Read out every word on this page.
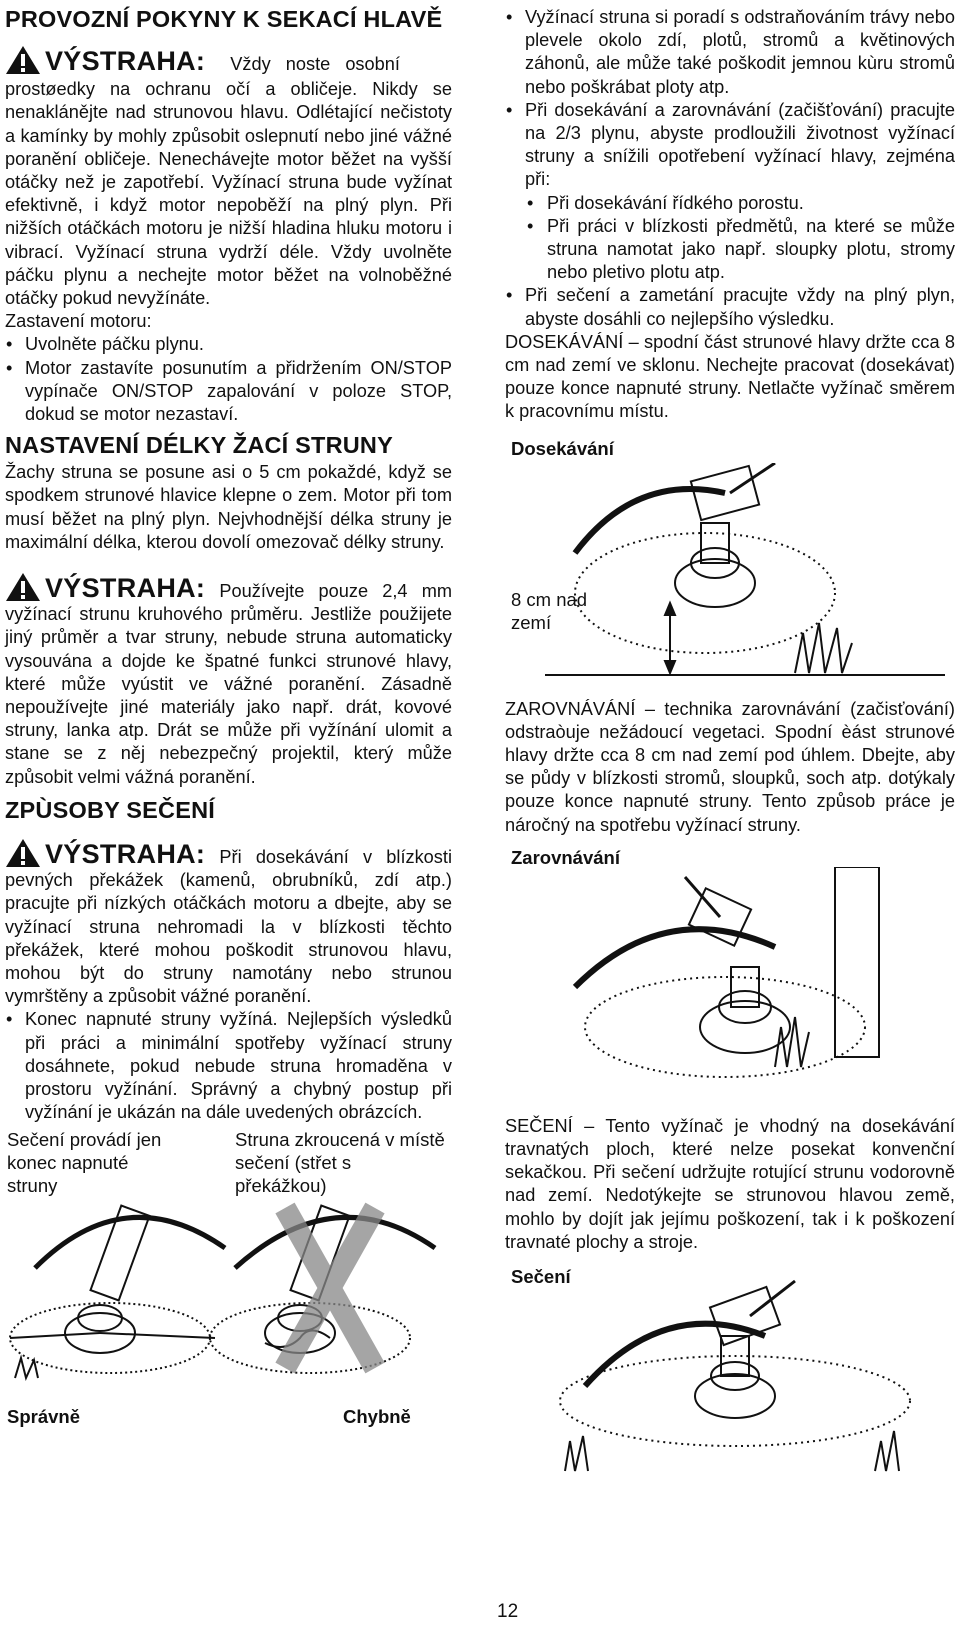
PROVOZNÍ POKYNY K SEKACÍ HLAVĚ

VÝSTRAHA: Vždy noste osobní

prostøedky na ochranu očí a obličeje. Nikdy se nenaklánějte nad strunovou hlavu. Odlétající nečistoty a kamínky by mohly způsobit oslepnutí nebo jiné vážné poranění obličeje. Nenechávejte motor běžet na vyšší otáčky než je zapotřebí. Vyžínací struna bude vyžínat efektivně, i když motor nepoběží na plný plyn. Při nižších otáčkách motoru je nižší hladina hluku motoru i vibrací. Vyžínací struna vydrží déle. Vždy uvolněte páčku plynu a nechejte motor běžet na volnoběžné otáčky pokud nevyžínáte.

Zastavení motoru:

• Uvolněte páčku plynu.
• Motor zastavíte posunutím a přidržením ON/STOP vypínače ON/STOP zapalování v poloze STOP, dokud se motor nezastaví.
NASTAVENÍ DÉLKY ŽACÍ STRUNY

Žachy struna se posune asi o 5 cm pokaždé, když se spodkem strunové hlavice klepne o zem. Motor při tom musí běžet na plný plyn. Nejvhodnější délka struny je maximální délka, kterou dovolí omezovač délky struny.

VÝSTRAHA: Používejte pouze 2,4 mm vyžínací strunu kruhového průměru. Jestliže použijete jiný průměr a tvar struny, nebude struna automaticky vysouvána a dojde ke špatné funkci strunové hlavy, které může vyústit ve vážné poranění. Zásadně nepoužívejte jiné materiály jako např. drát, kovové struny, lanka atp. Drát se může při vyžínání ulomit a stane se z něj nebezpečný projektil, který může způsobit velmi vážná poranění.

ZPÙSOBY SEČENÍ

VÝSTRAHA: Při dosekávání v blízkosti pevných překážek (kamenů, obrubníků, zdí atp.) pracujte při nízkých otáčkách motoru a dbejte, aby se vyžínací struna nehromadi la v blízkosti těchto překážek, které mohou poškodit strunovou hlavu, mohou být do struny namotány nebo strunou vymrštěny a způsobit vážné poranění.

• Konec napnuté struny vyžíná. Nejlepších výsledků při práci a minimální spotřeby vyžínací struny dosáhnete, pokud nebude struna hromaděna v prostoru vyžínání. Správný a chybný postup při vyžínání je ukázán na dále uvedených obrázcích.
Sečení provádí jen konec napnuté struny
Struna zkroucená v místě sečení (střet s překážkou)
Správně	Chybně
• Vyžínací struna si poradí s odstraňováním trávy nebo plevele okolo zdí, plotů, stromů a květinových záhonů, ale může také poškodit jemnou kùru stromů nebo poškrábat ploty atp.
• Při dosekávání a zarovnávání (začišťování) pracujte na 2/3 plynu, abyste prodloužili životnost vyžínací struny a snížili opotřebení vyžínací hlavy, zejména při:
• Při dosekávání řídkého porostu.
• Při práci v blízkosti předmětů, na které se může struna namotat jako např. sloupky plotu, stromy nebo pletivo plotu atp.
• Při sečení a zametání pracujte vždy na plný plyn, abyste dosáhli co nejlepšího výsledku.

DOSEKÁVÁNÍ – spodní část strunové hlavy držte cca 8 cm nad zemí ve sklonu. Nechejte pracovat (dosekávat) pouze konce napnuté struny. Netlačte vyžínač směrem k pracovnímu místu.

Dosekávání
8 cm nad zemí

ZAROVNÁVÁNÍ – technika zarovnávání (začisťování) odstraòuje nežádoucí vegetaci. Spodní èást strunové hlavy držte cca 8 cm nad zemí pod úhlem. Dbejte, aby se půdy v blízkosti stromů, sloupků, soch atp. dotýkaly pouze konce napnuté struny. Tento způsob práce je náročný na spotřebu vyžínací struny.

Zarovnávání

SEČENÍ – Tento vyžínač je vhodný na dosekávání travnatých ploch, které nelze posekat konvenční sekačkou. Při sečení udržujte rotující strunu vodorovně nad zemí. Nedotýkejte se strunovou hlavou země, mohlo by dojít jak jejímu poškození, tak i k poškození travnaté plochy a stroje.

Sečení
12
